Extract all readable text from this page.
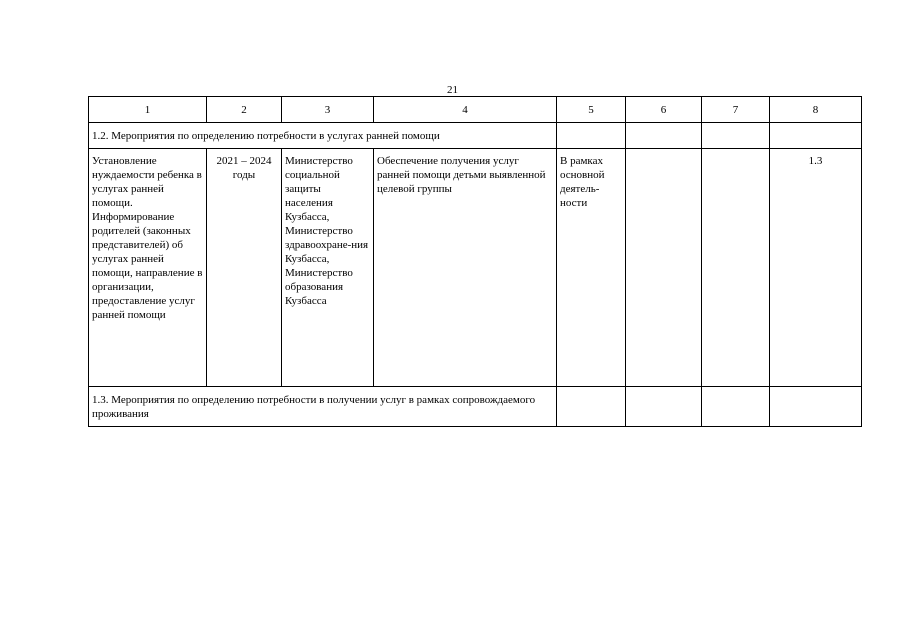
21
1	2	3	4	5	6	7	8
1.2. Мероприятия по определению потребности в услугах ранней помощи							
Установление нуждаемости ребенка в услугах ранней помощи. Информирование родителей (законных представителей) об услугах ранней помощи, направление в организации, предоставление услуг ранней помощи	2021 – 2024 годы	Министерство социальной защиты населения Кузбасса, Министерство здравоохране-ния Кузбасса, Министерство образования Кузбасса	Обеспечение получения услуг ранней помощи детьми выявленной целевой группы	В рамках основной деятель-ности			1.3
1.3. Мероприятия по определению потребности в получении услуг в рамках сопровождаемого проживания							
